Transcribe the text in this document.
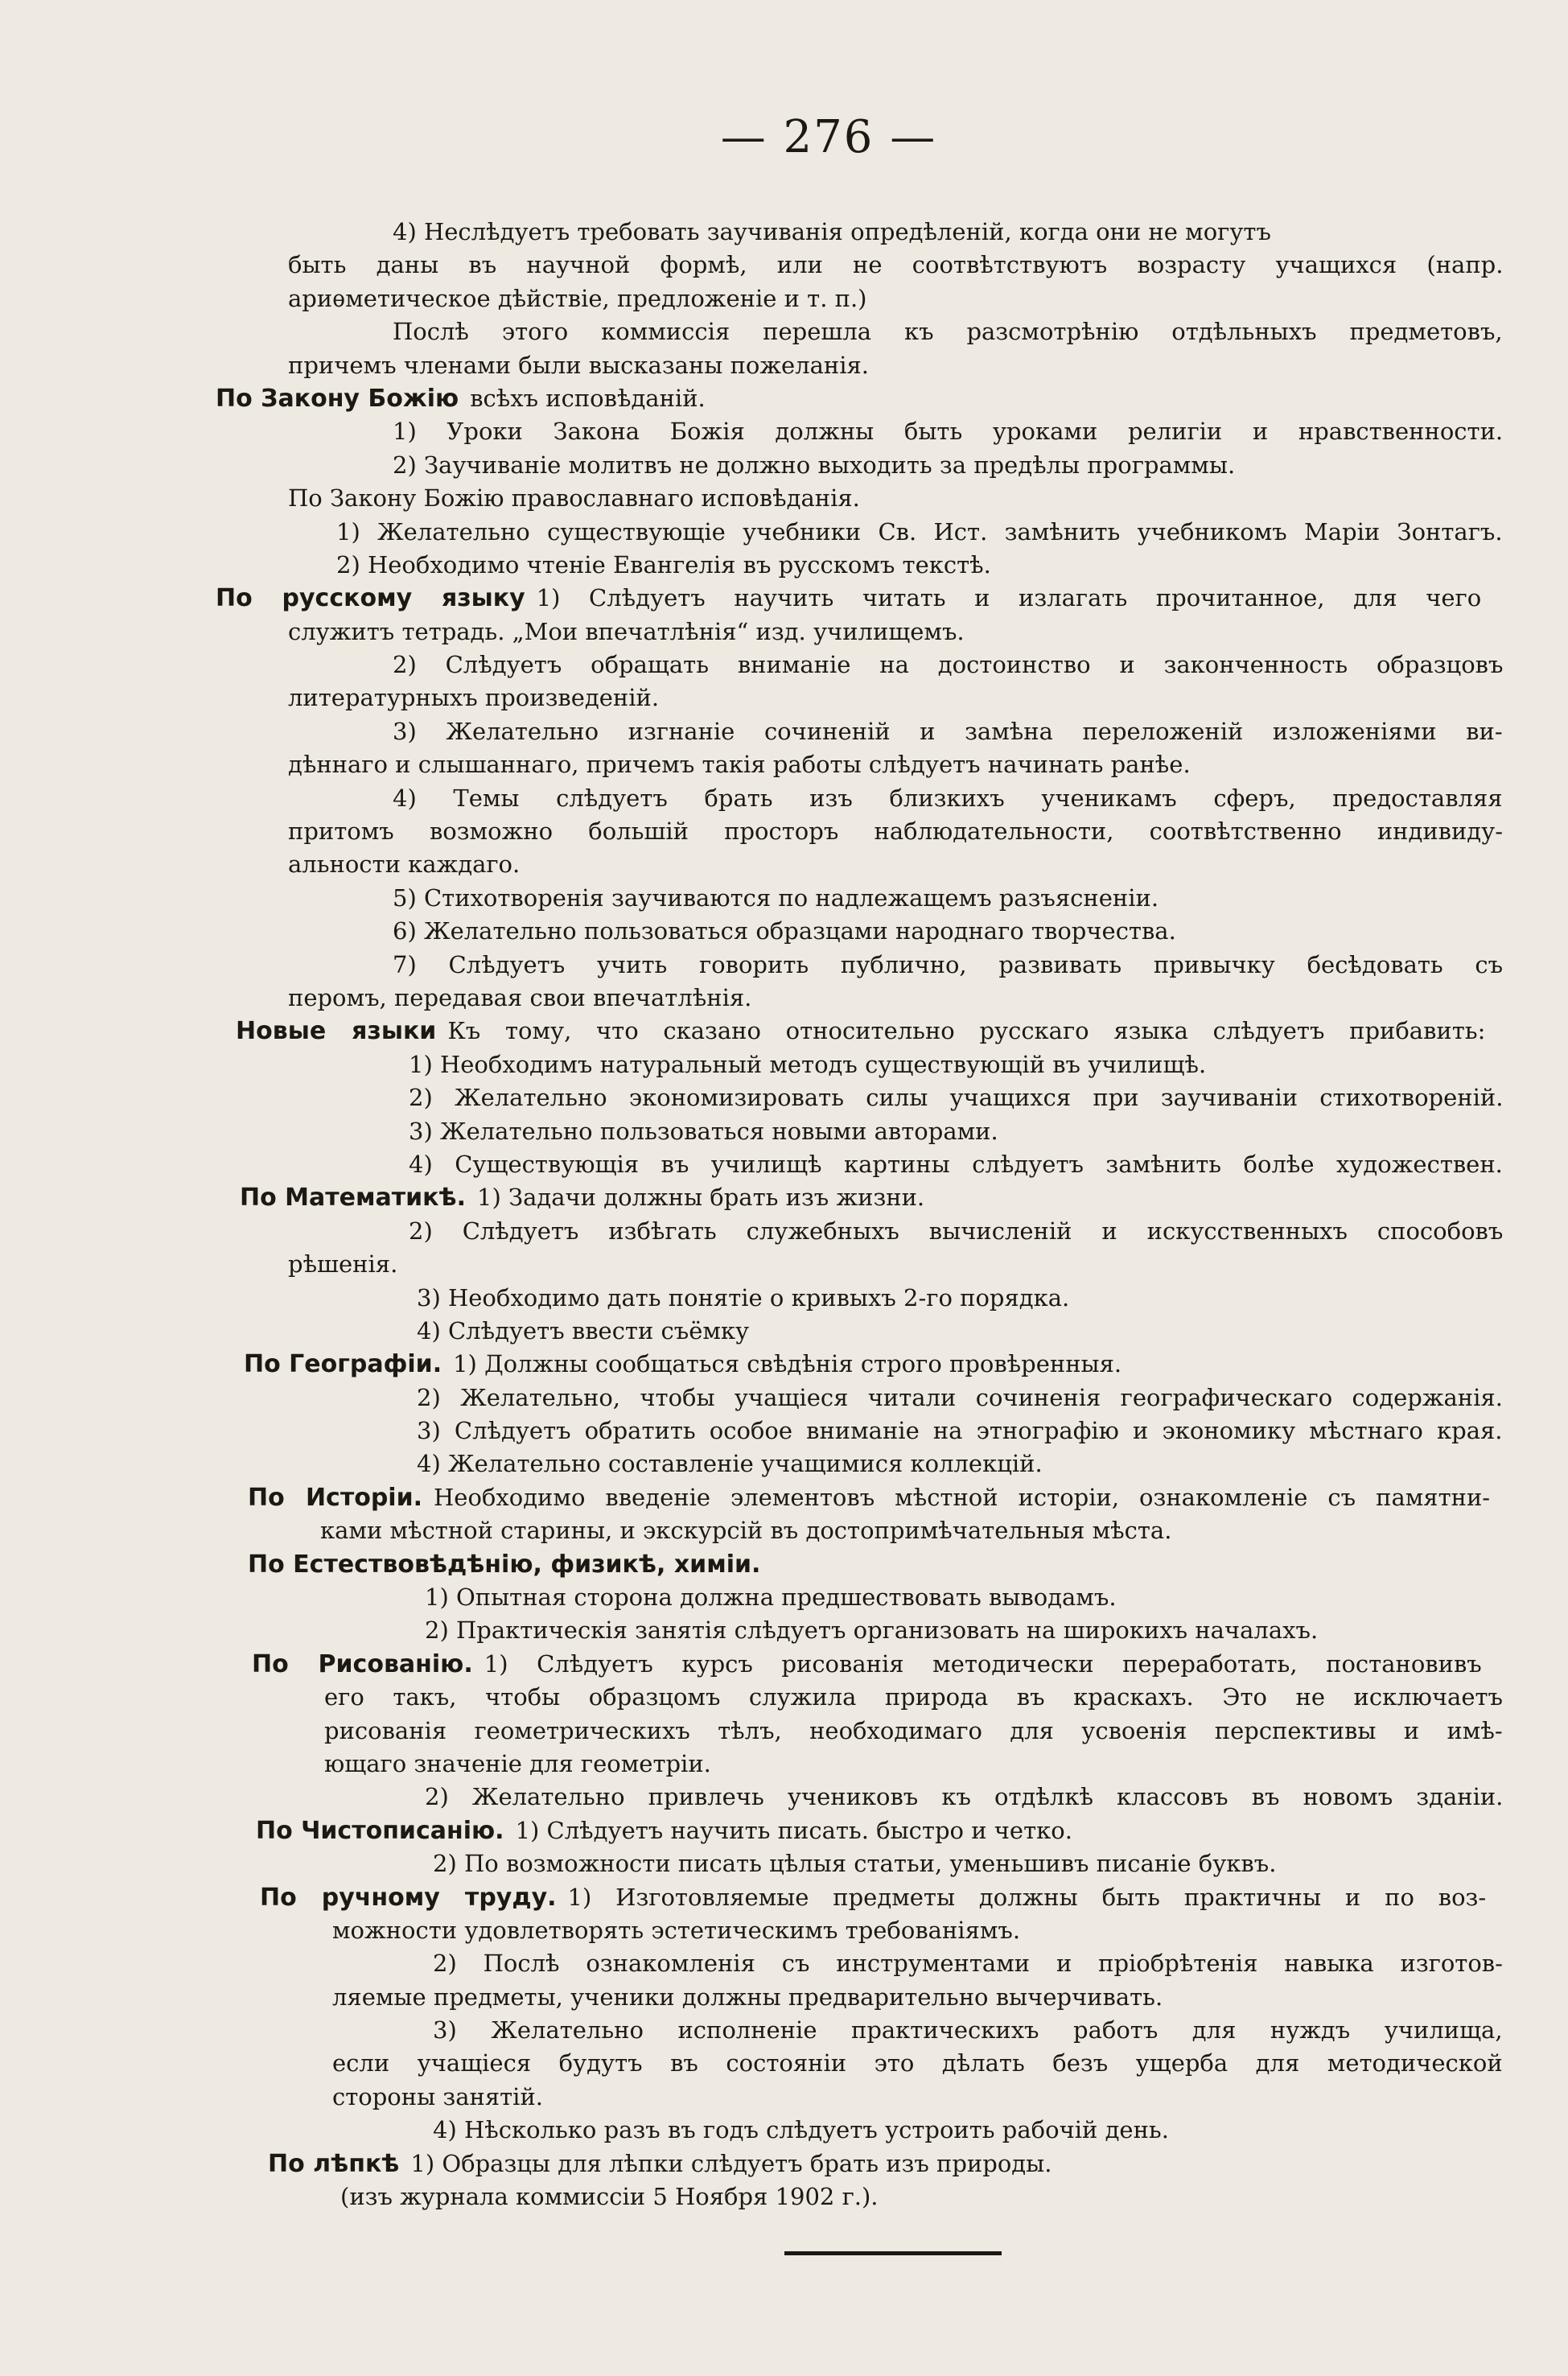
— 276 —
4) Неслѣдуетъ требовать заучиванія опредѣленій, когда они не могутъ
быть даны въ научной формѣ, или не соотвѣтствуютъ возрасту учащихся (напр.
ариѳметическое дѣйствіе, предложеніе и т. п.)
Послѣ этого коммиссія перешла къ разсмотрѣнію отдѣльныхъ предметовъ,
причемъ членами были высказаны пожеланія.
По Закону Божію всѣхъ исповѣданій.
1) Уроки Закона Божія должны быть уроками религіи и нравственности.
2) Заучиванiе молитвъ не должно выходить за предѣлы программы.
По Закону Божію православнаго исповѣданія.
1) Желательно существующіе учебники Св. Ист. замѣнить учебникомъ Маріи Зонтагъ.
2) Необходимо чтеніе Евангелія въ русскомъ текстѣ.
По русскому языку 1) Слѣдуетъ научить читать и излагать прочитанное, для чего
служитъ тетрадь. „Мои впечатлѣнія“ изд. училищемъ.
2) Слѣдуетъ обращать вниманіе на достоинство и законченность образцовъ
литературныхъ произведеній.
3) Желательно изгнаніе сочиненій и замѣна переложеній изложеніями ви-
дѣннаго и слышаннаго, причемъ такія работы слѣдуетъ начинать ранѣе.
4) Темы слѣдуетъ брать изъ близкихъ ученикамъ сферъ, предоставляя
притомъ возможно большій просторъ наблюдательности, соотвѣтственно индивиду-
альности каждаго.
5) Стихотворенія заучиваются по надлежащемъ разъясненіи.
6) Желательно пользоваться образцами народнаго творчества.
7) Слѣдуетъ учить говорить публично, развивать привычку бесѣдовать съ
перомъ, передавая свои впечатлѣнія.
Новые языки Къ тому, что сказано относительно русскаго языка слѣдуетъ прибавить:
1) Необходимъ натуральный методъ существующій въ училищѣ.
2) Желательно экономизировать силы учащихся при заучиваніи стихотвореній.
3) Желательно пользоваться новыми авторами.
4) Существующія въ училищѣ картины слѣдуетъ замѣнить болѣе художествен.
По Математикѣ. 1) Задачи должны брать изъ жизни.
2) Слѣдуетъ избѣгать служебныхъ вычисленій и искусственныхъ способовъ
рѣшенія.
3) Необходимо дать понятіе о кривыхъ 2-го порядка.
4) Слѣдуетъ ввести съёмку
По Географіи. 1) Должны сообщаться свѣдѣнія строго провѣренныя.
2) Желательно, чтобы учащіеся читали сочиненія географическаго содержанія.
3) Слѣдуетъ обратить особое вниманіе на этнографію и экономику мѣстнаго края.
4) Желательно составленіе учащимися коллекцій.
По Исторіи. Необходимо введеніе элементовъ мѣстной исторіи, ознакомленіе съ памятни-
ками мѣстной старины, и экскурсій въ достопримѣчательныя мѣста.
По Естествовѣдѣнію, физикѣ, химіи.
1) Опытная сторона должна предшествовать выводамъ.
2) Практическія занятія слѣдуетъ организовать на широкихъ началахъ.
По Рисованію. 1) Слѣдуетъ курсъ рисованія методически переработать, постановивъ
его такъ, чтобы образцомъ служила природа въ краскахъ. Это не исключаетъ
рисованія геометрическихъ тѣлъ, необходимаго для усвоенія перспективы и имѣ-
ющаго значеніе для геометріи.
2) Желательно привлечь учениковъ къ отдѣлкѣ классовъ въ новомъ зданіи.
По Чистописанію. 1) Слѣдуетъ научить писать. быстро и четко.
2) По возможности писать цѣлыя статьи, уменьшивъ писаніе буквъ.
По ручному труду. 1) Изготовляемые предметы должны быть практичны и по воз-
можности удовлетворять эстетическимъ требованіямъ.
2) Послѣ ознакомленія съ инструментами и пріобрѣтенія навыка изготов-
ляемые предметы, ученики должны предварительно вычерчивать.
3) Желательно исполненіе практическихъ работъ для нуждъ училища,
если учащіеся будутъ въ состояніи это дѣлать безъ ущерба для методической
стороны занятій.
4) Нѣсколько разъ въ годъ слѣдуетъ устроить рабочій день.
По лѣпкѣ 1) Образцы для лѣпки слѣдуетъ брать изъ природы.
(изъ журнала коммиссіи 5 Ноября 1902 г.).
